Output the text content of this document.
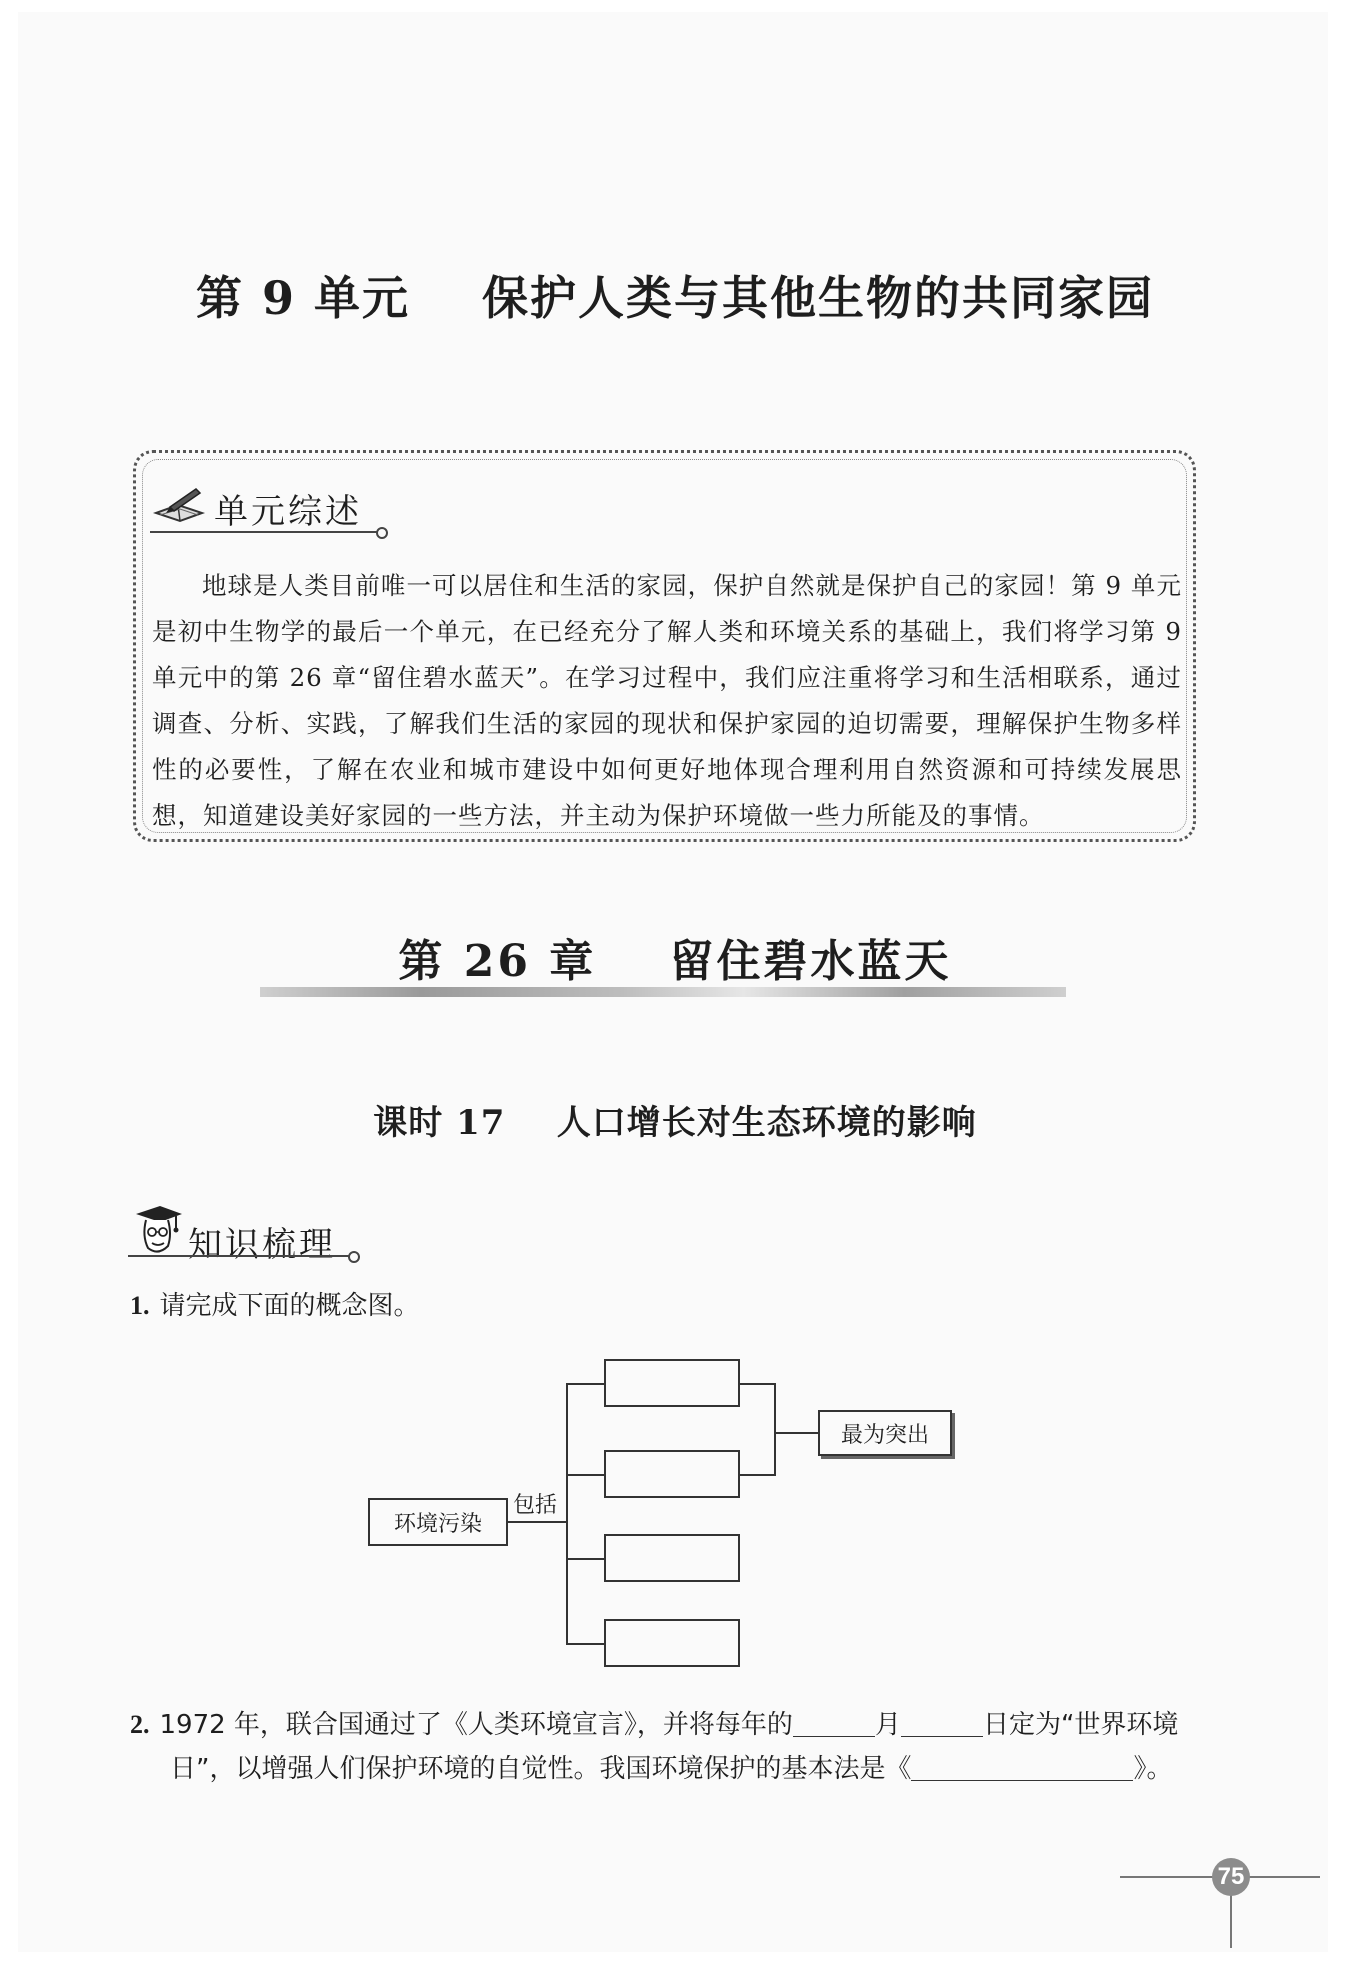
第 9 单元    保护人类与其他生物的共同家园
单元综述
地球是人类目前唯一可以居住和生活的家园，保护自然就是保护自己的家园！第 9 单元是初中生物学的最后一个单元，在已经充分了解人类和环境关系的基础上，我们将学习第 9 单元中的第 26 章“留住碧水蓝天”。在学习过程中，我们应注重将学习和生活相联系，通过调查、分析、实践，了解我们生活的家园的现状和保护家园的迫切需要，理解保护生物多样性的必要性，了解在农业和城市建设中如何更好地体现合理利用自然资源和可持续发展思想，知道建设美好家园的一些方法，并主动为保护环境做一些力所能及的事情。
第 26 章    留住碧水蓝天
课时 17    人口增长对生态环境的影响
知识梳理
1. 请完成下面的概念图。
环境污染
包括
最为突出
2. 1972 年，联合国通过了《人类环境宣言》，并将每年的	月	日定为“世界环境
日”，以增强人们保护环境的自觉性。我国环境保护的基本法是《	》。
75
